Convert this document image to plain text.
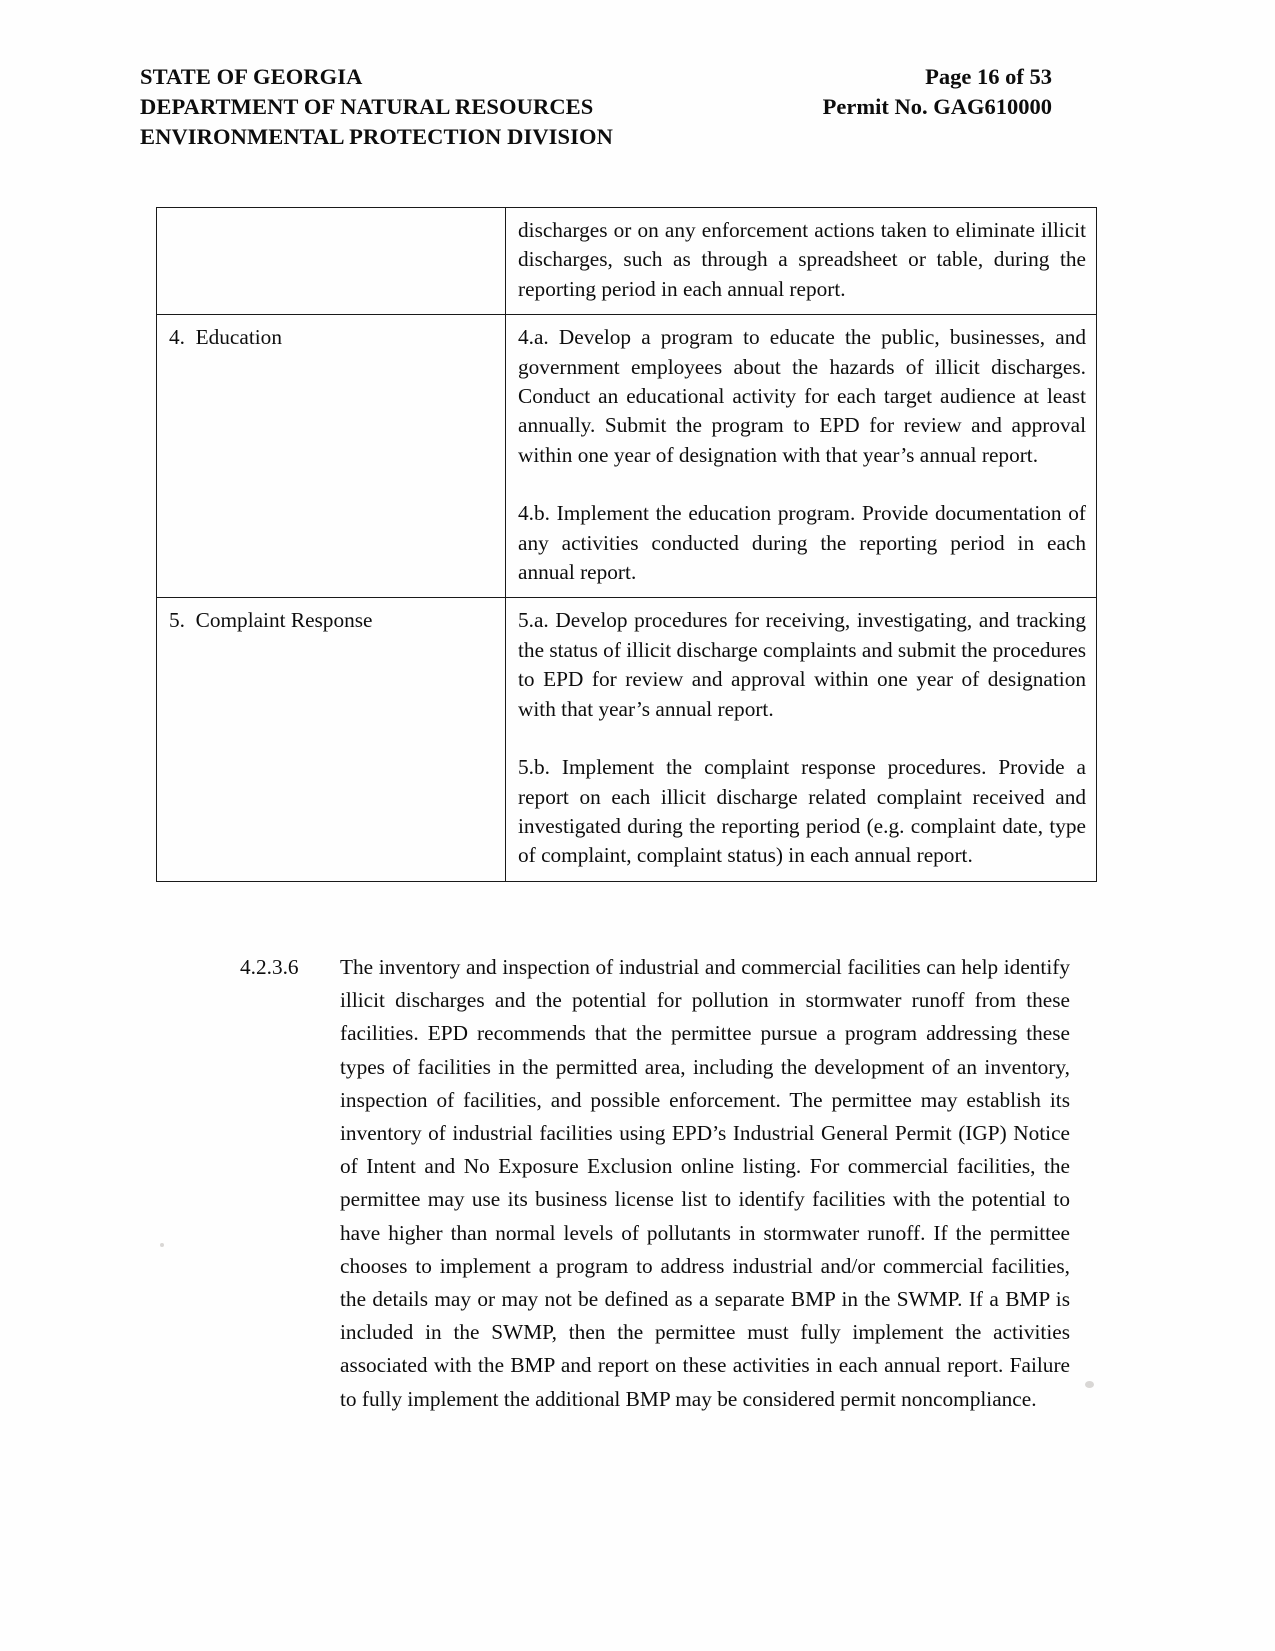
STATE OF GEORGIA
DEPARTMENT OF NATURAL RESOURCES
ENVIRONMENTAL PROTECTION DIVISION
Page 16 of 53
Permit No. GAG610000

	discharges or on any enforcement actions taken to eliminate illicit discharges, such as through a spreadsheet or table, during the reporting period in each annual report.

4.  Education	4.a. Develop a program to educate the public, businesses, and government employees about the hazards of illicit discharges. Conduct an educational activity for each target audience at least annually. Submit the program to EPD for review and approval within one year of designation with that year’s annual report.

4.b. Implement the education program. Provide documentation of any activities conducted during the reporting period in each annual report.

5.  Complaint Response	5.a. Develop procedures for receiving, investigating, and tracking the status of illicit discharge complaints and submit the procedures to EPD for review and approval within one year of designation with that year’s annual report.

5.b. Implement the complaint response procedures. Provide a report on each illicit discharge related complaint received and investigated during the reporting period (e.g. complaint date, type of complaint, complaint status) in each annual report.

4.2.3.6	The inventory and inspection of industrial and commercial facilities can help identify illicit discharges and the potential for pollution in stormwater runoff from these facilities. EPD recommends that the permittee pursue a program addressing these types of facilities in the permitted area, including the development of an inventory, inspection of facilities, and possible enforcement. The permittee may establish its inventory of industrial facilities using EPD’s Industrial General Permit (IGP) Notice of Intent and No Exposure Exclusion online listing. For commercial facilities, the permittee may use its business license list to identify facilities with the potential to have higher than normal levels of pollutants in stormwater runoff. If the permittee chooses to implement a program to address industrial and/or commercial facilities, the details may or may not be defined as a separate BMP in the SWMP. If a BMP is included in the SWMP, then the permittee must fully implement the activities associated with the BMP and report on these activities in each annual report. Failure to fully implement the additional BMP may be considered permit noncompliance.
